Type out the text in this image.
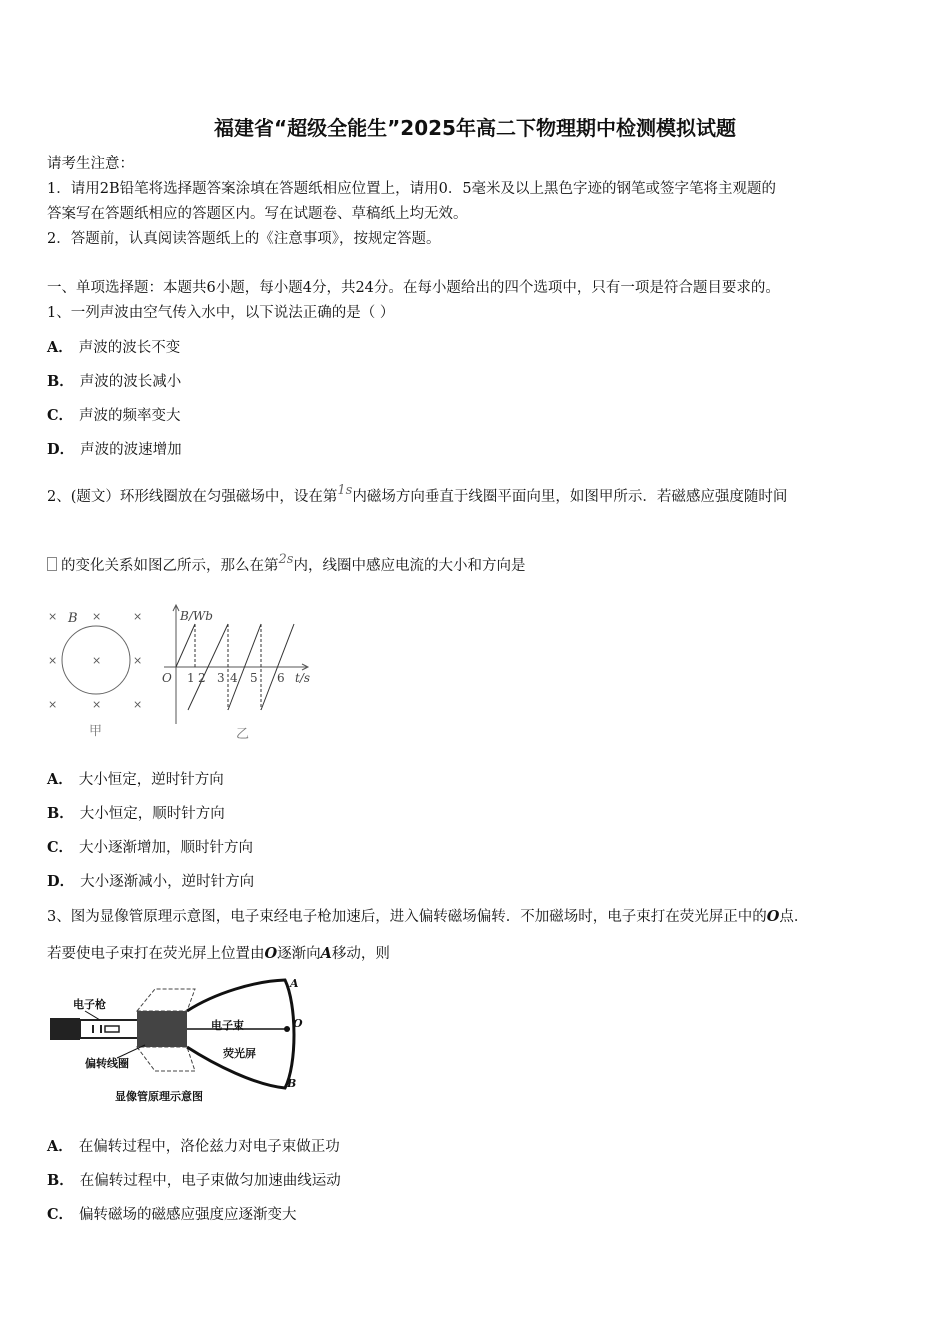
福建省“超级全能生”2025年高二下物理期中检测模拟试题
请考生注意：
1．请用2B铅笔将选择题答案涂填在答题纸相应位置上，请用0．5毫米及以上黑色字迹的钢笔或签字笔将主观题的
答案写在答题纸相应的答题区内。写在试题卷、草稿纸上均无效。
2．答题前，认真阅读答题纸上的《注意事项》，按规定答题。
一、单项选择题：本题共6小题，每小题4分，共24分。在每小题给出的四个选项中，只有一项是符合题目要求的。
1、一列声波由空气传入水中，以下说法正确的是（ ）
A． 声波的波长不变
B． 声波的波长减小
C． 声波的频率变大
D． 声波的波速增加
2、(题文）环形线圈放在匀强磁场中，设在第1s内磁场方向垂直于线圈平面向里，如图甲所示．若磁感应强度随时间
的变化关系如图乙所示，那么在第2s内，线圈中感应电流的大小和方向是
×	×	×
×	×	×
×	×	×
B
甲
B/Wb
t/s
O 1 2 3 4 5 6
乙
A． 大小恒定，逆时针方向
B． 大小恒定，顺时针方向
C． 大小逐渐增加，顺时针方向
D． 大小逐渐减小，逆时针方向
3、图为显像管原理示意图，电子束经电子枪加速后，进入偏转磁场偏转．不加磁场时，电子束打在荧光屏正中的O点．
若要使电子束打在荧光屏上位置由O逐渐向A移动，则
电子枪
电子束
荧光屏
偏转线圈
A
O
B
显像管原理示意图
A． 在偏转过程中，洛伦兹力对电子束做正功
B． 在偏转过程中，电子束做匀加速曲线运动
C． 偏转磁场的磁感应强度应逐渐变大
